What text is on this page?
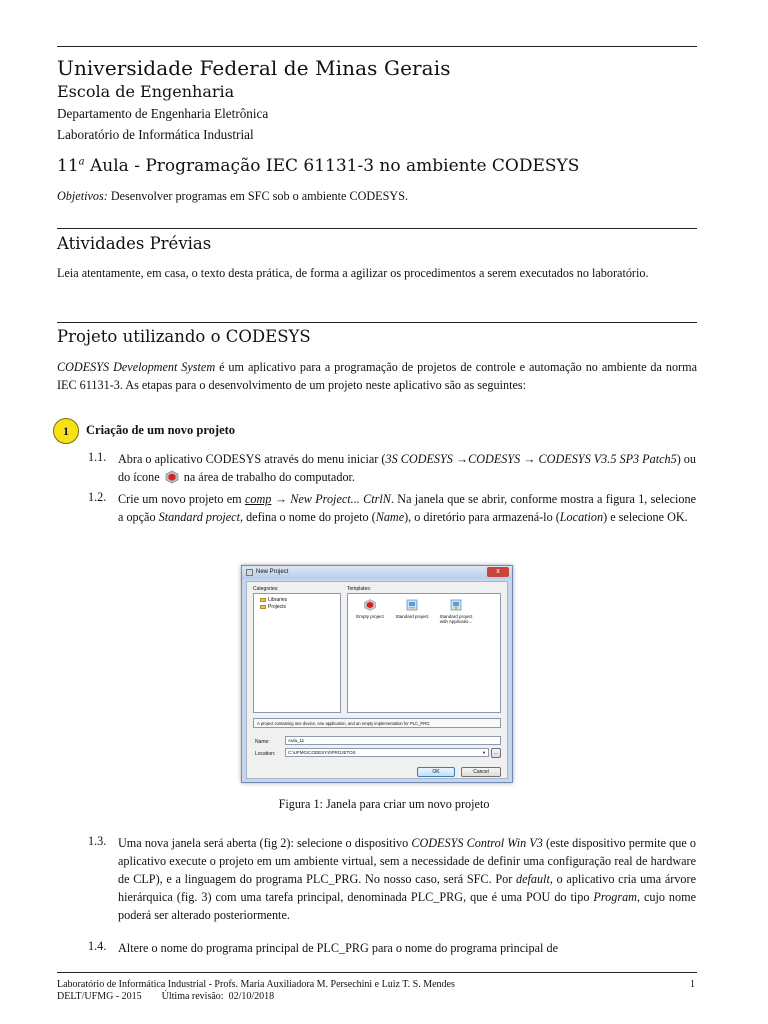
Universidade Federal de Minas Gerais
Escola de Engenharia
Departamento de Engenharia Eletrônica
Laboratório de Informática Industrial
11$^a$ Aula - Programação IEC 61131-3 no ambiente CODESYS
Objetivos: Desenvolver programas em SFC sob o ambiente CODESYS.
Atividades Prévias
Leia atentamente, em casa, o texto desta prática, de forma a agilizar os procedimentos a serem executados no laboratório.
Projeto utilizando o CODESYS
CODESYS Development System é um aplicativo para a programação de projetos de controle e automação no ambiente da norma IEC 61131-3. As etapas para o desenvolvimento de um projeto neste aplicativo são as seguintes:
1	Criação de um novo projeto
1.1. Abra o aplicativo CODESYS através do menu iniciar (3S CODESYS →CODESYS → CODESYS V3.5 SP3 Patch5) ou do ícone  na área de trabalho do computador.
1.2. Crie um novo projeto em comp → New Project... CtrlN. Na janela que se abrir, conforme mostra a figura 1, selecione a opção Standard project, defina o nome do projeto (Name), o diretório para armazená-lo (Location) e selecione OK.
New Project	x
Categories:
Libraries
Projects
Templates:
Empty project	Standard project	Standard project with Applicatio...
A project containing one device, one application, and an empty implementation for PLC_PRG
Name:	Aula_11
Location:	C:\UFMG\CODESYS\PROJETOS	▼	...
OK	Cancel
Figura 1: Janela para criar um novo projeto
1.3. Uma nova janela será aberta (fig 2): selecione o dispositivo CODESYS Control Win V3 (este dispositivo permite que o aplicativo execute o projeto em um ambiente virtual, sem a necessidade de definir uma configuração real de hardware de CLP), e a linguagem do programa PLC_PRG. No nosso caso, será SFC. Por default, o aplicativo cria uma árvore hierárquica (fig. 3) com uma tarefa principal, denominada PLC_PRG, que é uma POU do tipo Program, cujo nome poderá ser alterado posteriormente.
1.4. Altere o nome do programa principal de PLC_PRG para o nome do programa principal de
Laboratório de Informática Industrial - Profs. Maria Auxiliadora M. Persechini e Luiz T. S. Mendes
DELT/UFMG - 2015        Última revisão:  02/10/2018
1
